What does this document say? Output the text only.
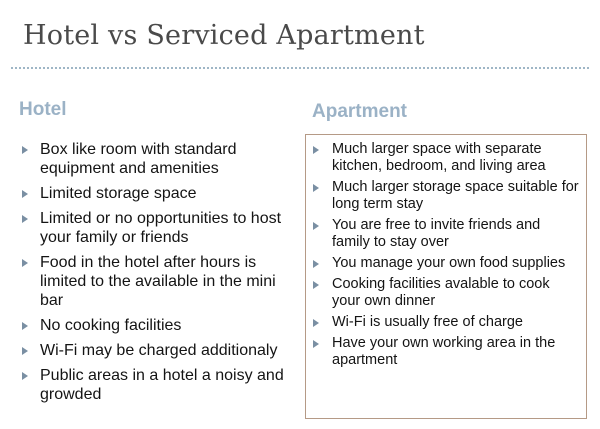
Hotel vs Serviced Apartment
Hotel
Box like room with standard equipment and amenities
Limited storage space
Limited or no opportunities to host your family or friends
Food in the hotel after hours is limited to the available in the mini bar
No cooking facilities
Wi-Fi may be charged additionaly
Public areas in a hotel a noisy and growded
Apartment
Much larger space with separate kitchen, bedroom, and living area
Much larger storage space suitable for long term stay
You are free to invite friends and family to stay over
You manage your own food supplies
Cooking facilities avalable to cook your own dinner
Wi-Fi is usually free of charge
Have your own working area in the apartment
